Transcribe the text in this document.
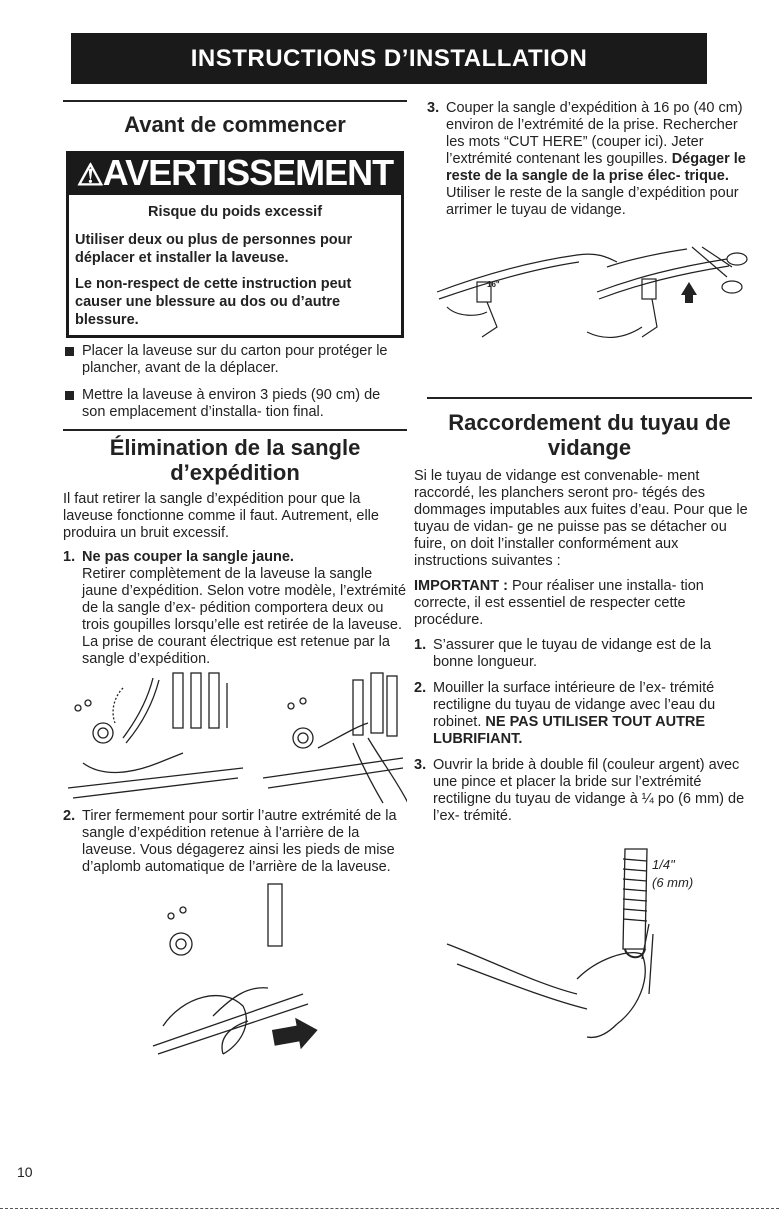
INSTRUCTIONS D’INSTALLATION
Avant de commencer
⚠AVERTISSEMENT

Risque du poids excessif

Utiliser deux ou plus de personnes pour déplacer et installer la laveuse.

Le non-respect de cette instruction peut causer une blessure au dos ou d’autre blessure.

Placer la laveuse sur du carton pour protéger le plancher, avant de la déplacer.

Mettre la laveuse à environ 3 pieds (90 cm) de son emplacement d’installa- tion final.

Élimination de la sangle d’expédition

Il faut retirer la sangle d’expédition pour que la laveuse fonctionne comme il faut. Autrement, elle produira un bruit excessif.

1. Ne pas couper la sangle jaune.

Retirer complètement de la laveuse la sangle jaune d’expédition. Selon votre modèle, l’extrémité de la sangle d’ex- pédition comportera deux ou trois goupilles lorsqu’elle est retirée de la laveuse. La prise de courant électrique est retenue par la sangle d’expédition.

2. Tirer fermement pour sortir l’autre extrémité de la sangle d’expédition retenue à l’arrière de la laveuse. Vous dégagerez ainsi les pieds de mise d’aplomb automatique de l’arrière de la laveuse.

3. Couper la sangle d’expédition à 16 po (40 cm) environ de l’extrémité de la prise. Rechercher les mots “CUT HERE” (couper ici). Jeter l’extrémité contenant les goupilles. Dégager le reste de la sangle de la prise élec- trique. Utiliser le reste de la sangle d’expédition pour arrimer le tuyau de vidange.

16"
Raccordement du tuyau de vidange

Si le tuyau de vidange est convenable- ment raccordé, les planchers seront pro- tégés des dommages imputables aux fuites d’eau. Pour que le tuyau de vidan- ge ne puisse pas se détacher ou fuire, on doit l’installer conformément aux instructions suivantes :

IMPORTANT : Pour réaliser une installa- tion correcte, il est essentiel de respecter cette procédure.

1. S’assurer que le tuyau de vidange est de la bonne longueur.

2. Mouiller la surface intérieure de l’ex- trémité rectiligne du tuyau de vidange avec l’eau du robinet. NE PAS UTILISER TOUT AUTRE LUBRIFIANT.

3. Ouvrir la bride à double fil (couleur argent) avec une pince et placer la bride sur l’extrémité rectiligne du tuyau de vidange à ¼ po (6 mm) de l’ex- trémité.

1/4"
(6 mm)
10
